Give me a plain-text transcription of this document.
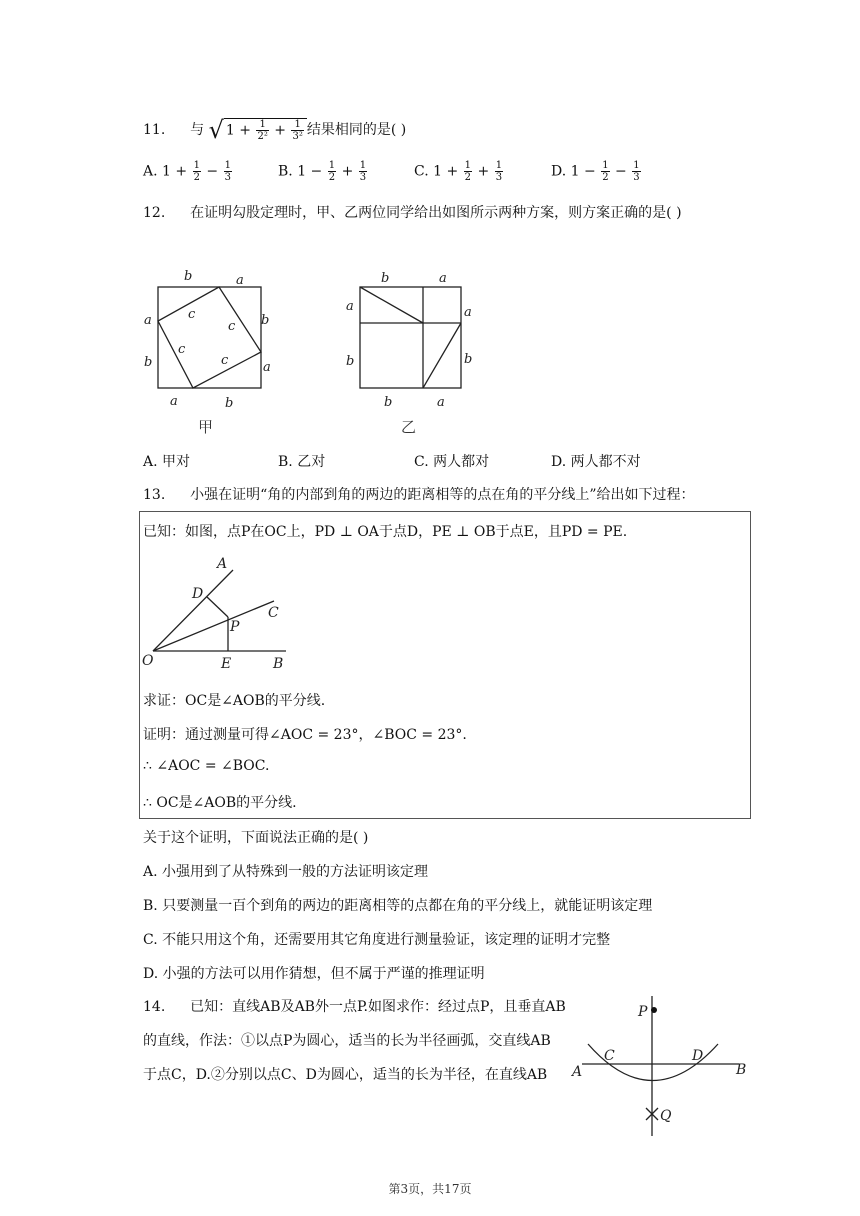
11. 与 √ $1 + \frac{1}{\text{2²}} + \frac{1}{\text{3²}}$ 结果相同的是( )
A. $1 + \frac{1}{2} - \frac{1}{3}$	B. $1 - \frac{1}{2} + \frac{1}{3}$	C. $1 + \frac{1}{2} + \frac{1}{3}$	D. $1 - \frac{1}{2} - \frac{1}{3}$
12. 在证明勾股定理时，甲、乙两位同学给出如图所示两种方案，则方案正确的是( )
b	a
a	c
c b
c
c
b	a
a	b
甲
b	a
a	a
b	b
b	a
乙
A. 甲对	B. 乙对	C. 两人都对	D. 两人都不对
13. 小强在证明“角的内部到角的两边的距离相等的点在角的平分线上”给出如下过程：
已知：如图，点P在OC上，PD ⊥ OA于点D，PE ⊥ OB于点E，且PD = PE.
A
D
C
P
O	E	B
求证：OC是∠AOB的平分线.
证明：通过测量可得∠AOC = 23°，∠BOC = 23°.
∴ ∠AOC = ∠BOC.
∴ OC是∠AOB的平分线.
关于这个证明，下面说法正确的是( )
A. 小强用到了从特殊到一般的方法证明该定理
B. 只要测量一百个到角的两边的距离相等的点都在角的平分线上，就能证明该定理
C. 不能只用这个角，还需要用其它角度进行测量验证，该定理的证明才完整
D. 小强的方法可以用作猜想，但不属于严谨的推理证明
14. 已知：直线AB及AB外一点P.如图求作：经过点P，且垂直AB
的直线，作法：①以点P为圆心，适当的长为半径画弧，交直线AB
于点C，D.②分别以点C、D为圆心，适当的长为半径，在直线AB
P
C	D
A	B
Q
第3页，共17页
